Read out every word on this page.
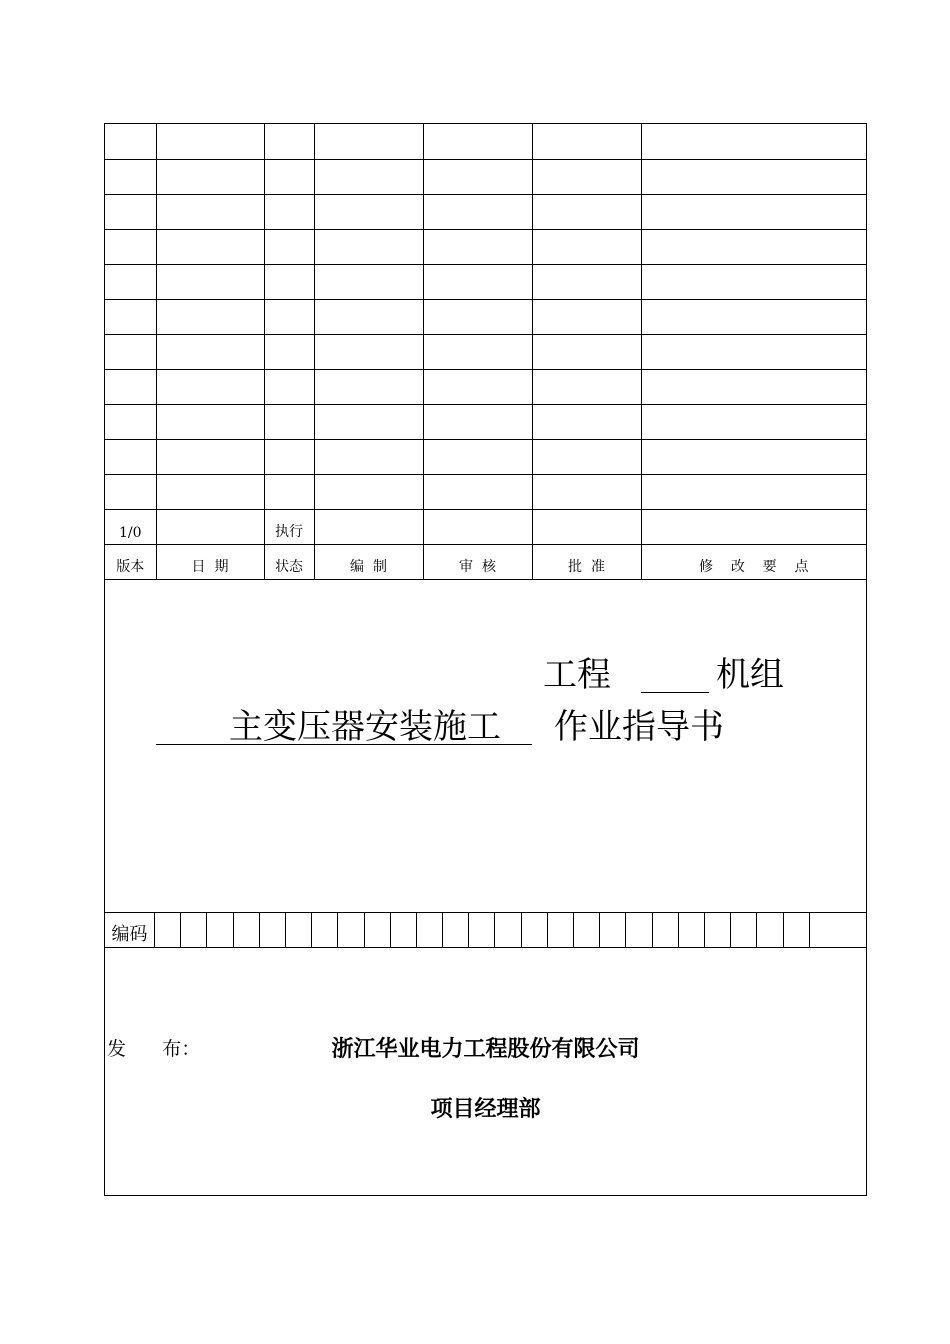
1/0		执行				
版本	日  期	状态	编  制	审  核	批  准	修    改    要    点
工程	机组
主变压器安装施工 作业指导书
编码
发      布：	浙江华业电力工程股份有限公司
项目经理部
